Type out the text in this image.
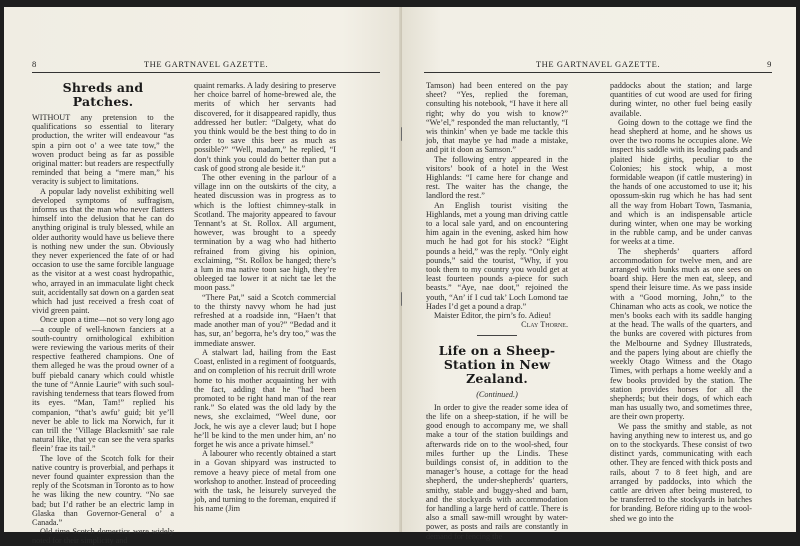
8	THE GARTNAVEL GAZETTE.
Shreds and Patches.

WITHOUT any pretension to the qualifications so essential to literary production, the writer will endeavour “as spin a pirn oot o’ a wee tate tow,” the woven product being as far as possible original matter: but readers are respectfully reminded that being a “mere man,” his veracity is subject to limitations.

A popular lady novelist exhibiting well developed symptoms of suffragism, informs us that the man who never flatters himself into the delusion that he can do anything original is truly blessed, while an older authority would have us believe there is nothing new under the sun. Obviously they never experienced the fate of or had occasion to use the same forcible language as the visitor at a west coast hydropathic, who, arrayed in an immaculate light check suit, accidentally sat down on a garden seat which had just received a fresh coat of vivid green paint.

Once upon a time—not so very long ago—a couple of well-known fanciers at a south-country ornithological exhibition were reviewing the various merits of their respective feathered champions. One of them alleged he was the proud owner of a buff piebald canary which could whistle the tune of “Annie Laurie” with such soul-ravishing tenderness that tears flowed from its eyes. “Man, Tam!” replied his companion, “that’s awfu’ guid; bit ye’ll never be able to lick ma Norwich, fur it can trill the ‘Village Blacksmith’ sae rale natural like, that ye can see the vera sparks fleein’ frae its tail.”

The love of the Scotch folk for their native country is proverbial, and perhaps it never found quainter expression than the reply of the Scotsman in Toronto as to how he was liking the new country. “No sae bad; but I’d rather be an electric lamp in Glaska than Governor-General o’ a Canada.”

Old time Scotch domestics were widely noted for their simplicity and

quaint remarks. A lady desiring to preserve her choice barrel of home-brewed ale, the merits of which her servants had discovered, for it disappeared rapidly, thus addressed her butler: “Dalgety, what do you think would be the best thing to do in order to save this beer as much as possible?” “Well, madam,” he replied, “I don’t think you could do better than put a cask of good strong ale beside it.”

The other evening in the parlour of a village inn on the outskirts of the city, a heated discussion was in progress as to which is the loftiest chimney-stalk in Scotland. The majority appeared to favour Tennant’s at St. Rollox. All argument, however, was brought to a speedy termination by a wag who had hitherto refrained from giving his opinion, exclaiming, “St. Rollox be hanged; there’s a lum in ma native toon sae high, they’re obleeged tae lower it at nicht tae let the moon pass.”

“There Pat,” said a Scotch commercial to the thirsty navvy whom he had just refreshed at a roadside inn, “Haen’t that made another man of you?” “Bedad and it has, sur, an’ begorra, he’s dry too,” was the immediate answer.

A stalwart lad, hailing from the East Coast, enlisted in a regiment of footguards, and on completion of his recruit drill wrote home to his mother acquainting her with the fact, adding that he “had been promoted to be right hand man of the rear rank.” So elated was the old lady by the news, she exclaimed, “Weel dune, oor Jock, he wis aye a clever laud; but I hope he’ll be kind to the men under him, an’ no forget he wis ance a private himsel.”

A labourer who recently obtained a start in a Govan shipyard was instructed to remove a heavy piece of metal from one workshop to another. Instead of proceeding with the task, he leisurely surveyed the job, and turning to the foreman, enquired if his name (Jim

THE GARTNAVEL GAZETTE.	9

Tamson) had been entered on the pay sheet? “Yes, replied the foreman, consulting his notebook, “I have it here all right; why do you wish to know?” “We’el,” responded the man reluctantly, “I wis thinkin’ when ye bade me tackle this job, that maybe ye had made a mistake, and pit it doon as Samson.”

The following entry appeared in the visitors’ book of a hotel in the West Highlands: “I came here for change and rest. The waiter has the change, the landlord the rest.”

An English tourist visiting the Highlands, met a young man driving cattle to a local sale yard, and on encountering him again in the evening, asked him how much he had got for his stock? “Eight pounds a heid,” was the reply. “Only eight pounds,” said the tourist, “Why, if you took them to my country you would get at least fourteen pounds a-piece for such beasts.” “Aye, nae doot,” rejoined the youth, “An’ if I cud tak’ Loch Lomond tae Hades I’d get a pound a drap.”

Maister Editor, the pirn’s fo. Adieu!

Clay Thorne.

Life on a Sheep-Station in New Zealand.
(Continued.)

In order to give the reader some idea of the life on a sheep-station, if he will be good enough to accompany me, we shall make a tour of the station buildings and afterwards ride on to the wool-shed, four miles further up the Lindis. These buildings consist of, in addition to the manager’s house, a cottage for the head shepherd, the under-shepherds’ quarters, smithy, stable and buggy-shed and barn, and the stockyards with accommodation for handling a large herd of cattle. There is also a small saw-mill wrought by water-power, as posts and rails are constantly in demand for fencing the

paddocks about the station; and large quantities of cut wood are used for firing during winter, no other fuel being easily available.

Going down to the cottage we find the head shepherd at home, and he shows us over the two rooms he occupies alone. We inspect his saddle with its leading pads and plaited hide girths, peculiar to the Colonies; his stock whip, a most formidable weapon (if cattle mustering) in the hands of one accustomed to use it; his opossum-skin rug which he has had sent all the way from Hobart Town, Tasmania, and which is an indispensable article during winter, when one may be working in the rubble camp, and be under canvas for weeks at a time.

The shepherds’ quarters afford accommodation for twelve men, and are arranged with bunks much as one sees on board ship. Here the men eat, sleep, and spend their leisure time. As we pass inside with a “Good morning, John,” to the Chinaman who acts as cook, we notice the men’s books each with its saddle hanging at the head. The walls of the quarters, and the bunks are covered with pictures from the Melbourne and Sydney Illustrateds, and the papers lying about are chiefly the weekly Otago Witness and the Otago Times, with perhaps a home weekly and a few books provided by the station. The station provides horses for all the shepherds; but their dogs, of which each man has usually two, and sometimes three, are their own property.

We pass the smithy and stable, as not having anything new to interest us, and go on to the stockyards. These consist of two distinct yards, communicating with each other. They are fenced with thick posts and rails, about 7 to 8 feet high, and are arranged by paddocks, into which the cattle are driven after being mustered, to be transferred to the stockyards in batches for branding. Before riding up to the wool-shed we go into the
